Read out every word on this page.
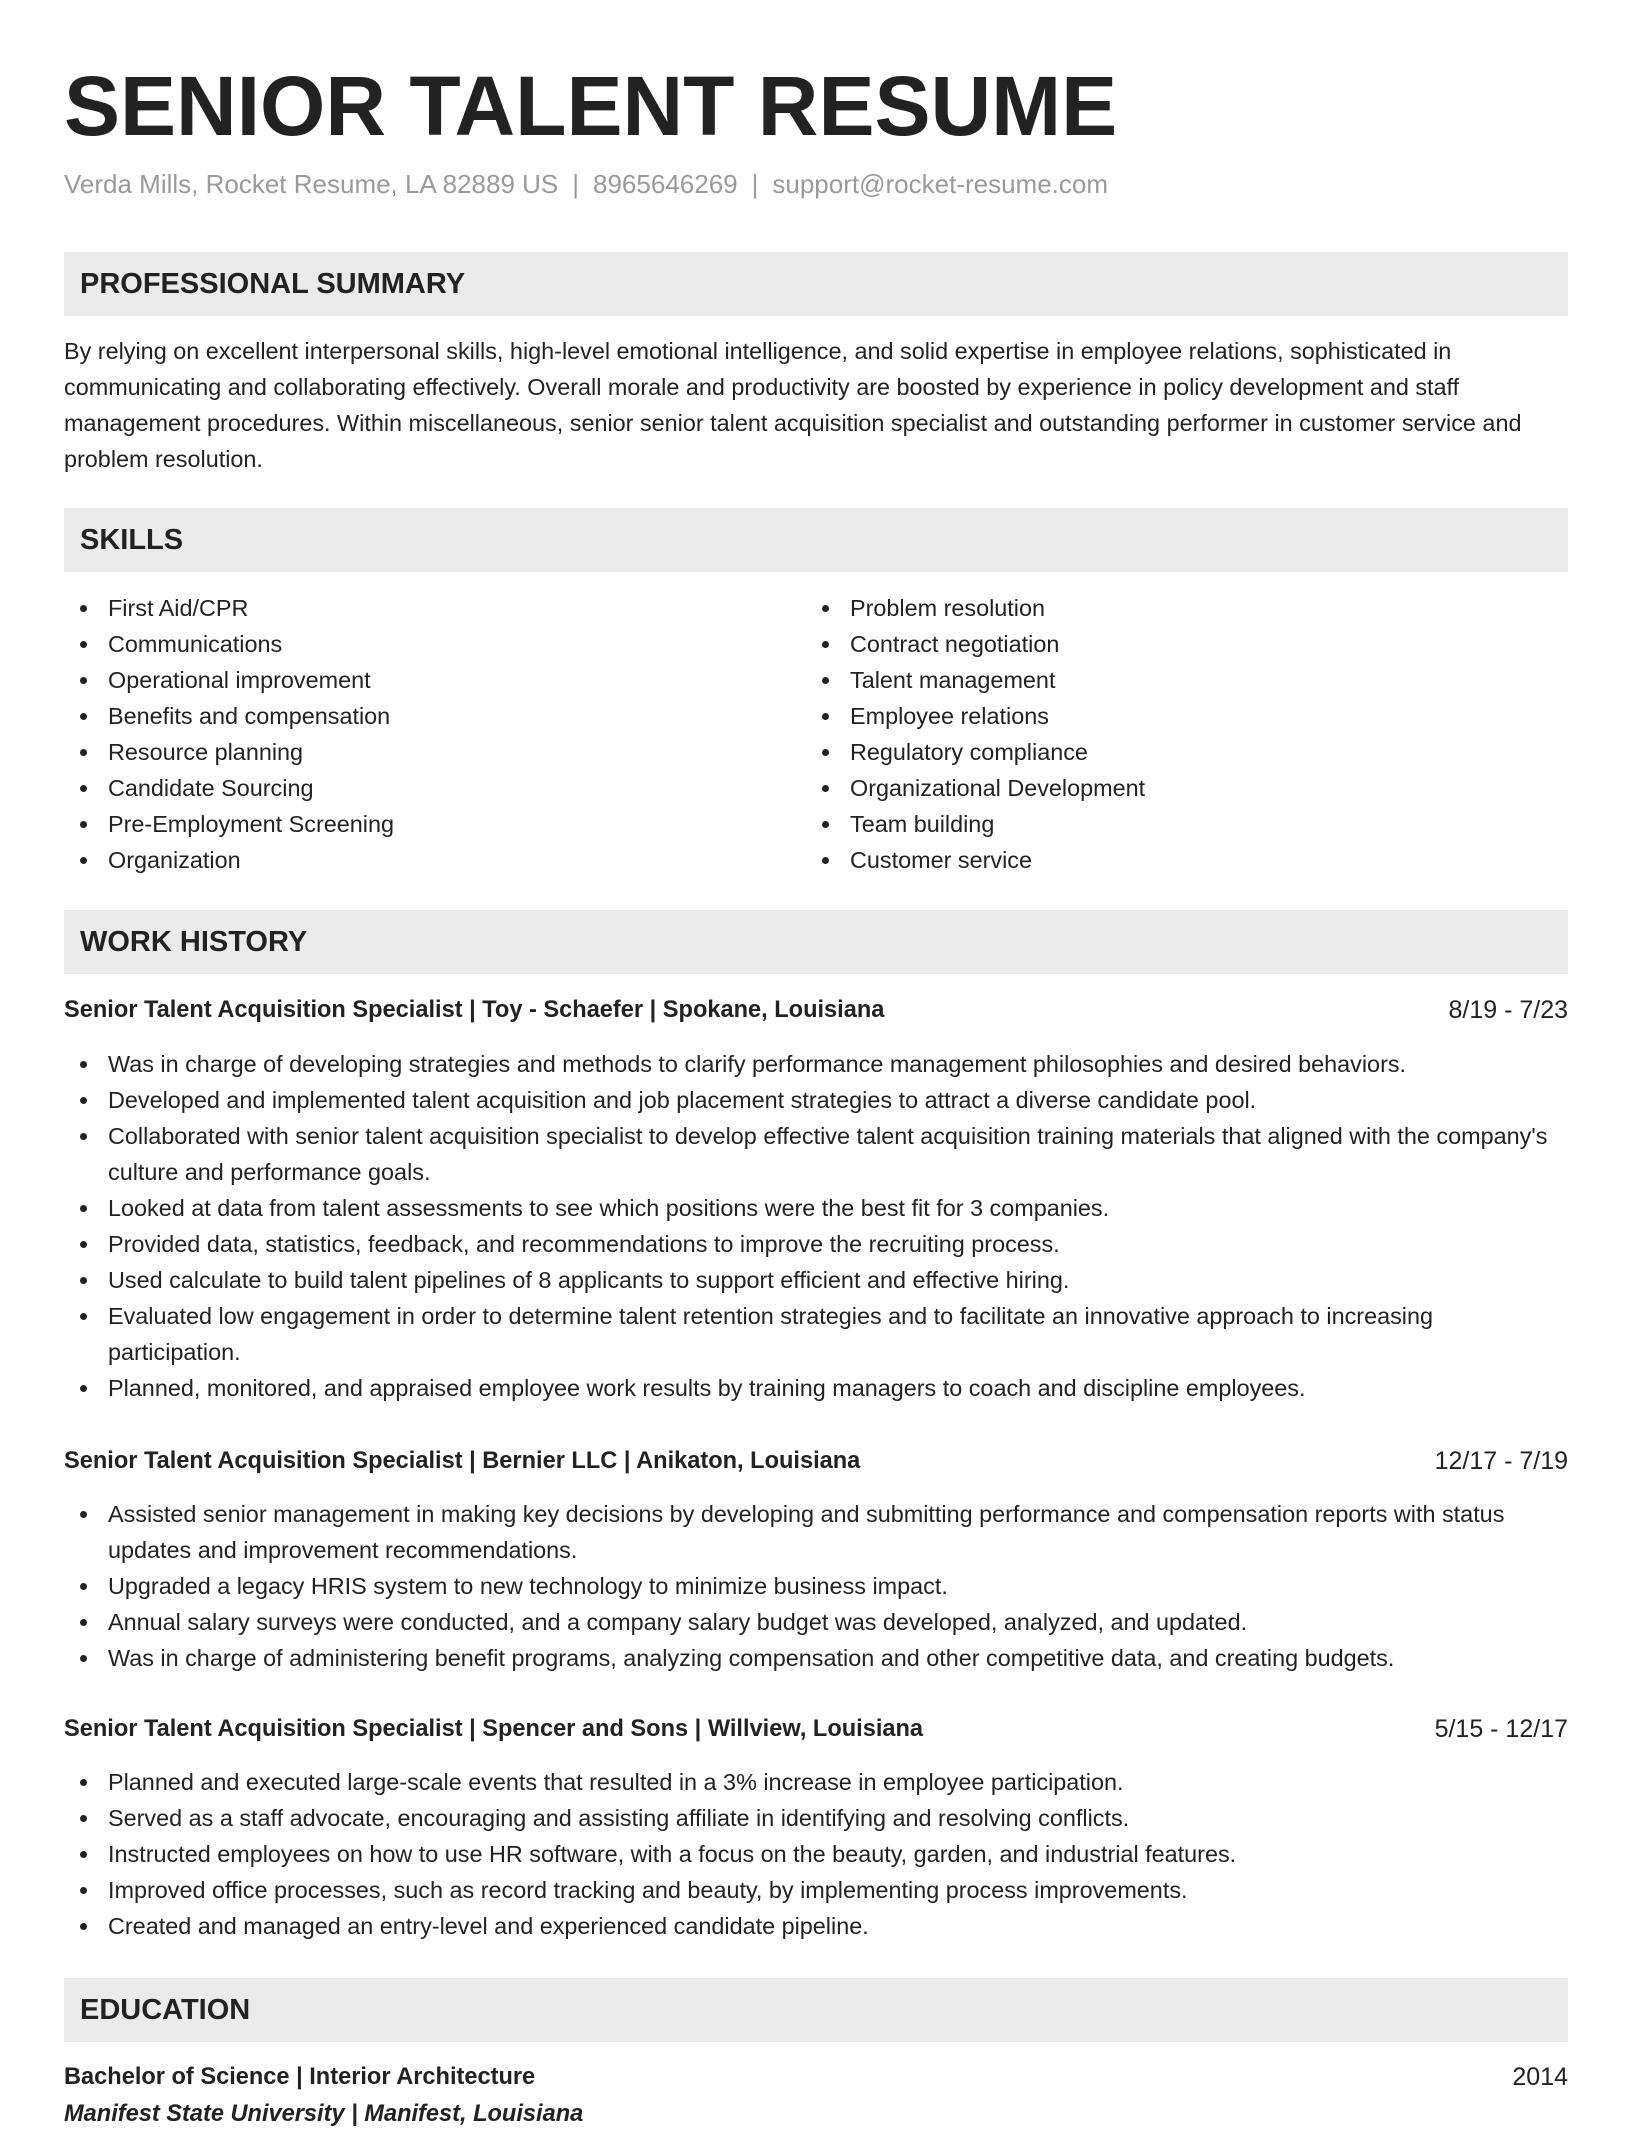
SENIOR TALENT RESUME
Verda Mills, Rocket Resume, LA 82889 US | 8965646269 | support@rocket-resume.com
PROFESSIONAL SUMMARY

By relying on excellent interpersonal skills, high-level emotional intelligence, and solid expertise in employee relations, sophisticated in communicating and collaborating effectively. Overall morale and productivity are boosted by experience in policy development and staff management procedures. Within miscellaneous, senior senior talent acquisition specialist and outstanding performer in customer service and problem resolution.

SKILLS
First Aid/CPR
Communications
Operational improvement
Benefits and compensation
Resource planning
Candidate Sourcing
Pre-Employment Screening
Organization
Problem resolution
Contract negotiation
Talent management
Employee relations
Regulatory compliance
Organizational Development
Team building
Customer service
WORK HISTORY
Senior Talent Acquisition Specialist | Toy - Schaefer | Spokane, Louisiana	8/19 - 7/23
Was in charge of developing strategies and methods to clarify performance management philosophies and desired behaviors.
Developed and implemented talent acquisition and job placement strategies to attract a diverse candidate pool.
Collaborated with senior talent acquisition specialist to develop effective talent acquisition training materials that aligned with the company's culture and performance goals.
Looked at data from talent assessments to see which positions were the best fit for 3 companies.
Provided data, statistics, feedback, and recommendations to improve the recruiting process.
Used calculate to build talent pipelines of 8 applicants to support efficient and effective hiring.
Evaluated low engagement in order to determine talent retention strategies and to facilitate an innovative approach to increasing participation.
Planned, monitored, and appraised employee work results by training managers to coach and discipline employees.
Senior Talent Acquisition Specialist | Bernier LLC | Anikaton, Louisiana	12/17 - 7/19
Assisted senior management in making key decisions by developing and submitting performance and compensation reports with status updates and improvement recommendations.
Upgraded a legacy HRIS system to new technology to minimize business impact.
Annual salary surveys were conducted, and a company salary budget was developed, analyzed, and updated.
Was in charge of administering benefit programs, analyzing compensation and other competitive data, and creating budgets.
Senior Talent Acquisition Specialist | Spencer and Sons | Willview, Louisiana	5/15 - 12/17
Planned and executed large-scale events that resulted in a 3% increase in employee participation.
Served as a staff advocate, encouraging and assisting affiliate in identifying and resolving conflicts.
Instructed employees on how to use HR software, with a focus on the beauty, garden, and industrial features.
Improved office processes, such as record tracking and beauty, by implementing process improvements.
Created and managed an entry-level and experienced candidate pipeline.
EDUCATION
Bachelor of Science | Interior Architecture	2014
Manifest State University | Manifest, Louisiana
